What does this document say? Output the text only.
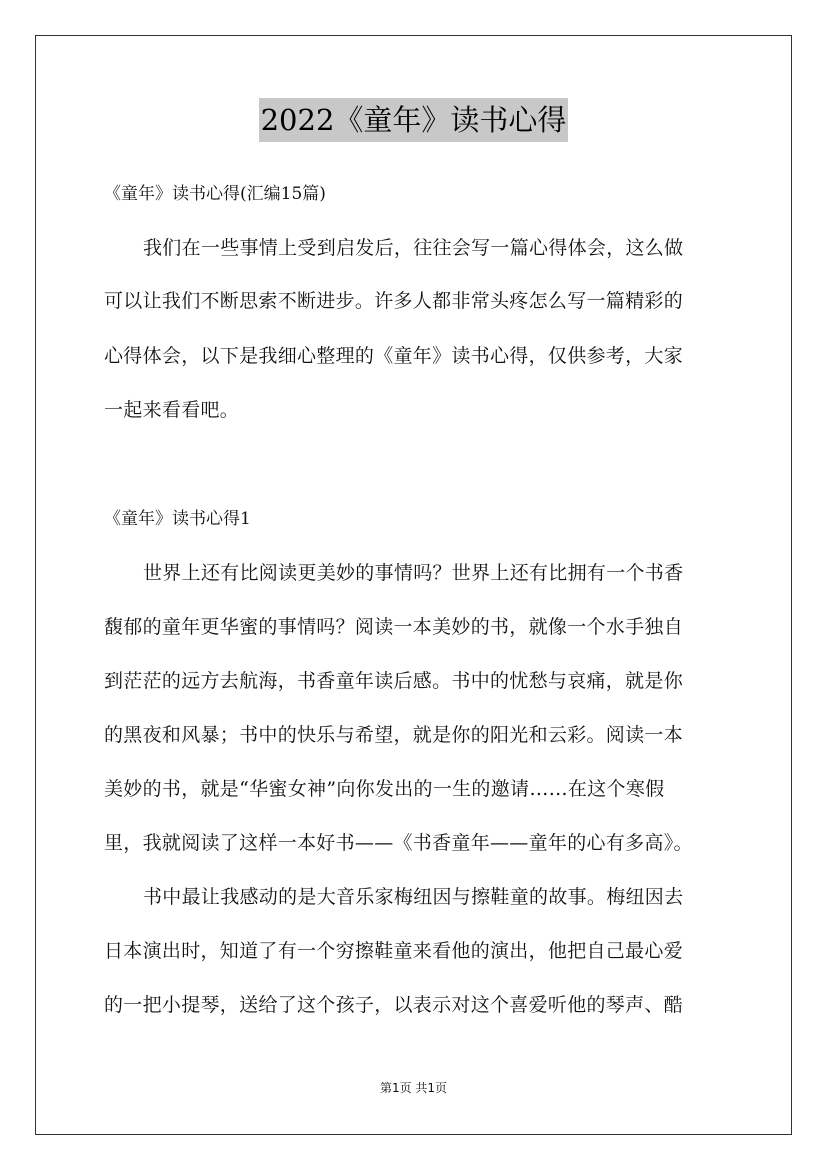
2022《童年》读书心得
《童年》读书心得(汇编15篇)
我们在一些事情上受到启发后，往往会写一篇心得体会，这么做
可以让我们不断思索不断进步。许多人都非常头疼怎么写一篇精彩的
心得体会，以下是我细心整理的《童年》读书心得，仅供参考，大家
一起来看看吧。
《童年》读书心得1
世界上还有比阅读更美妙的事情吗？世界上还有比拥有一个书香
馥郁的童年更华蜜的事情吗？阅读一本美妙的书，就像一个水手独自
到茫茫的远方去航海，书香童年读后感。书中的忧愁与哀痛，就是你
的黑夜和风暴；书中的快乐与希望，就是你的阳光和云彩。阅读一本
美妙的书，就是“华蜜女神”向你发出的一生的邀请……在这个寒假
里，我就阅读了这样一本好书——《书香童年——童年的心有多高》。
书中最让我感动的是大音乐家梅纽因与擦鞋童的故事。梅纽因去
日本演出时，知道了有一个穷擦鞋童来看他的演出，他把自己最心爱
的一把小提琴，送给了这个孩子，以表示对这个喜爱听他的琴声、酷
第1页 共1页
